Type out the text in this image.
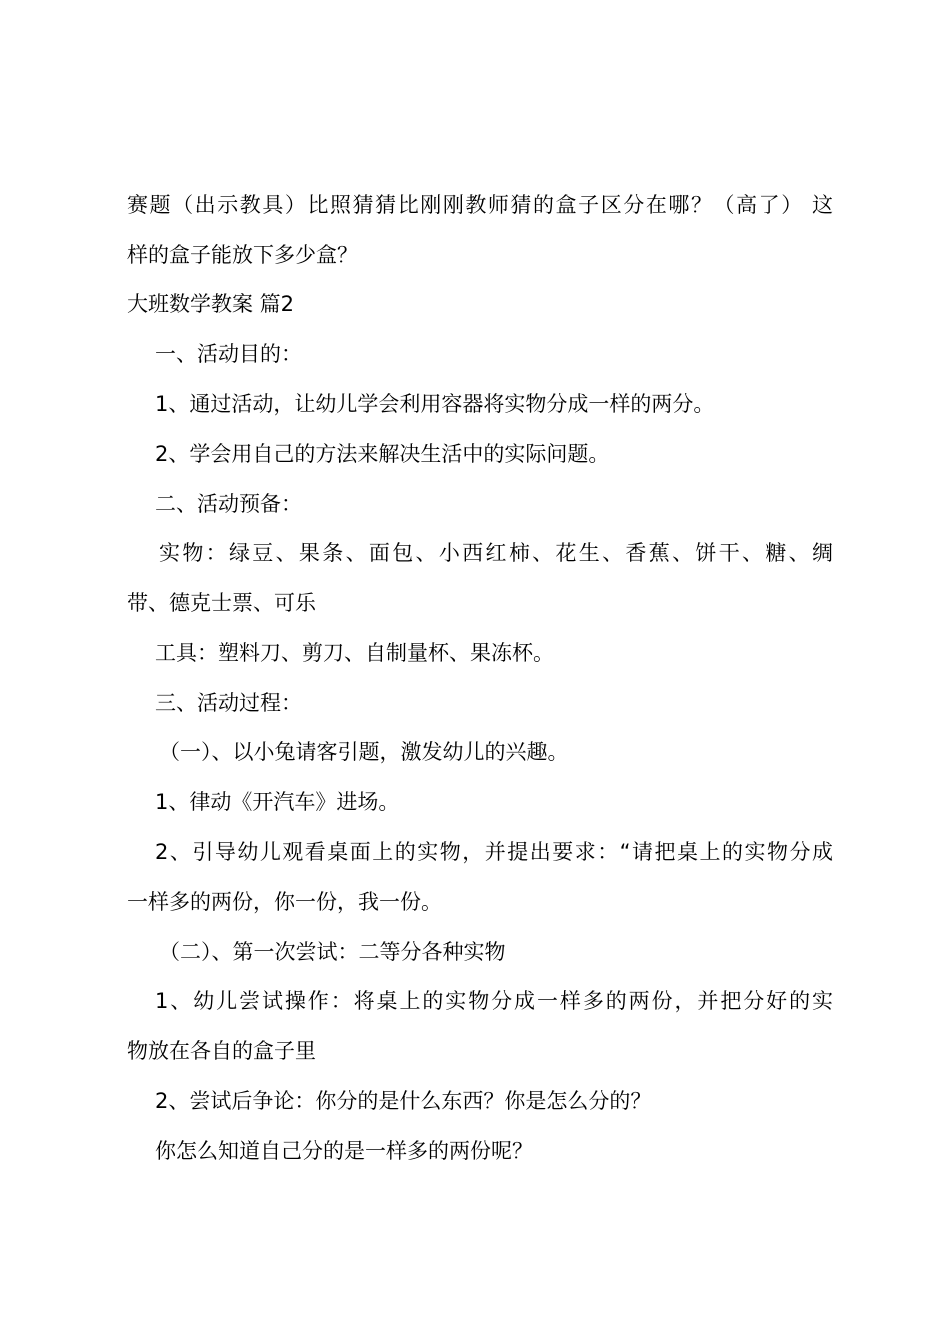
赛题（出示教具）比照猜猜比刚刚教师猜的盒子区分在哪？（高了） 这
样的盒子能放下多少盒？
大班数学教案 篇2
一、活动目的：
1、通过活动，让幼儿学会利用容器将实物分成一样的两分。
2、学会用自己的方法来解决生活中的实际问题。
二、活动预备：
实物：绿豆、果条、面包、小西红柿、花生、香蕉、饼干、糖、绸
带、德克士票、可乐
工具：塑料刀、剪刀、自制量杯、果冻杯。
三、活动过程：
（一）、以小兔请客引题，激发幼儿的兴趣。
1、律动《开汽车》进场。
2、引导幼儿观看桌面上的实物，并提出要求：“请把桌上的实物分成
一样多的两份，你一份，我一份。
（二）、第一次尝试：二等分各种实物
1、幼儿尝试操作：将桌上的实物分成一样多的两份，并把分好的实
物放在各自的盒子里
2、尝试后争论：你分的是什么东西？你是怎么分的？
你怎么知道自己分的是一样多的两份呢？
